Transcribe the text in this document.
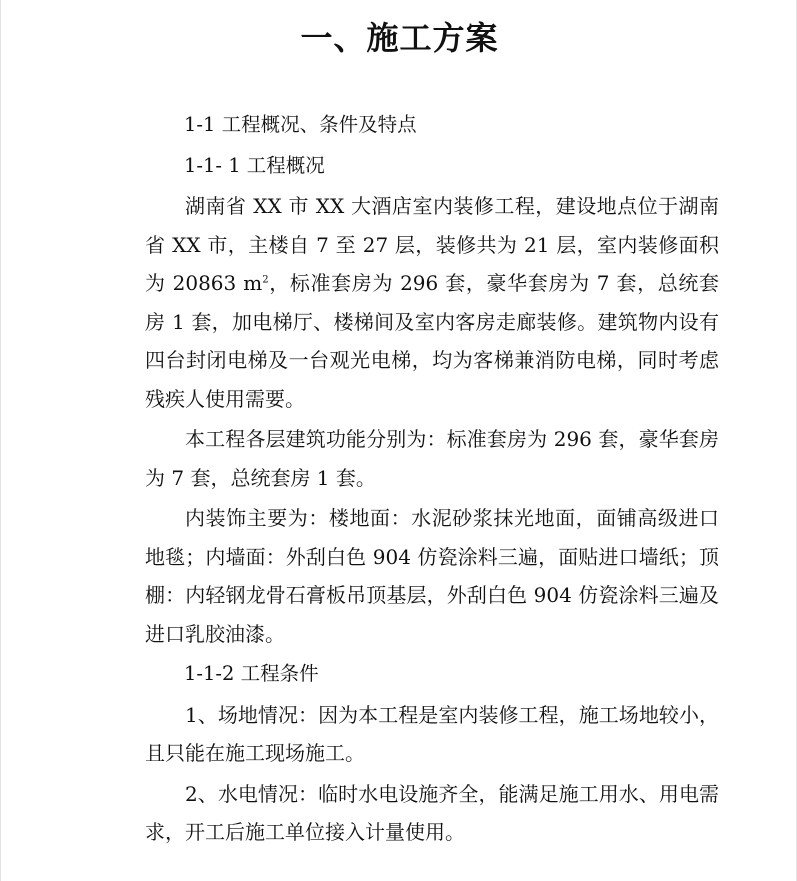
一、施工方案

1-1 工程概况、条件及特点

1-1- 1 工程概况

湖南省 XX 市 XX 大酒店室内装修工程，建设地点位于湖南省 XX 市，主楼自 7 至 27 层，装修共为 21 层，室内装修面积为 20863 $m^2$，标准套房为 296 套，豪华套房为 7 套，总统套房 1 套，加电梯厅、楼梯间及室内客房走廊装修。建筑物内设有四台封闭电梯及一台观光电梯，均为客梯兼消防电梯，同时考虑残疾人使用需要。

本工程各层建筑功能分别为：标准套房为 296 套，豪华套房为 7 套，总统套房 1 套。

内装饰主要为：楼地面：水泥砂浆抹光地面，面铺高级进口地毯；内墙面：外刮白色 904 仿瓷涂料三遍，面贴进口墙纸；顶棚：内轻钢龙骨石膏板吊顶基层，外刮白色 904 仿瓷涂料三遍及进口乳胶油漆。

1-1-2 工程条件

1、场地情况：因为本工程是室内装修工程，施工场地较小，且只能在施工现场施工。

2、水电情况：临时水电设施齐全，能满足施工用水、用电需求，开工后施工单位接入计量使用。
